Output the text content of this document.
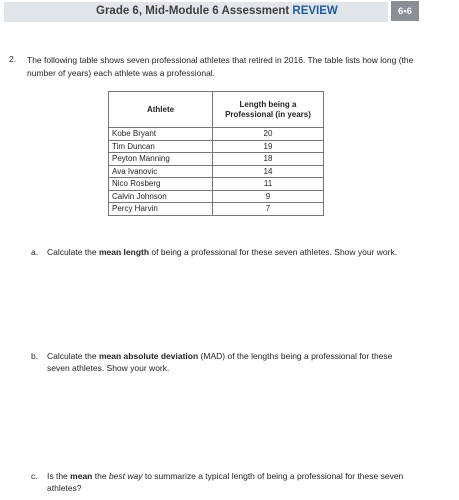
Grade 6, Mid-Module 6 Assessment REVIEW	6•6
2. The following table shows seven professional athletes that retired in 2016. The table lists how long (the number of years) each athlete was a professional.
Athlete	Length being a Professional (in years)
Kobe Bryant	20
Tim Duncan	19
Peyton Manning	18
Ava Ivanovic	14
Nico Rosberg	11
Calvin Johnson	9
Percy Harvin	7
a. Calculate the mean length of being a professional for these seven athletes. Show your work.
b. Calculate the mean absolute deviation (MAD) of the lengths being a professional for these seven athletes. Show your work.
c. Is the mean the best way to summarize a typical length of being a professional for these seven athletes?
